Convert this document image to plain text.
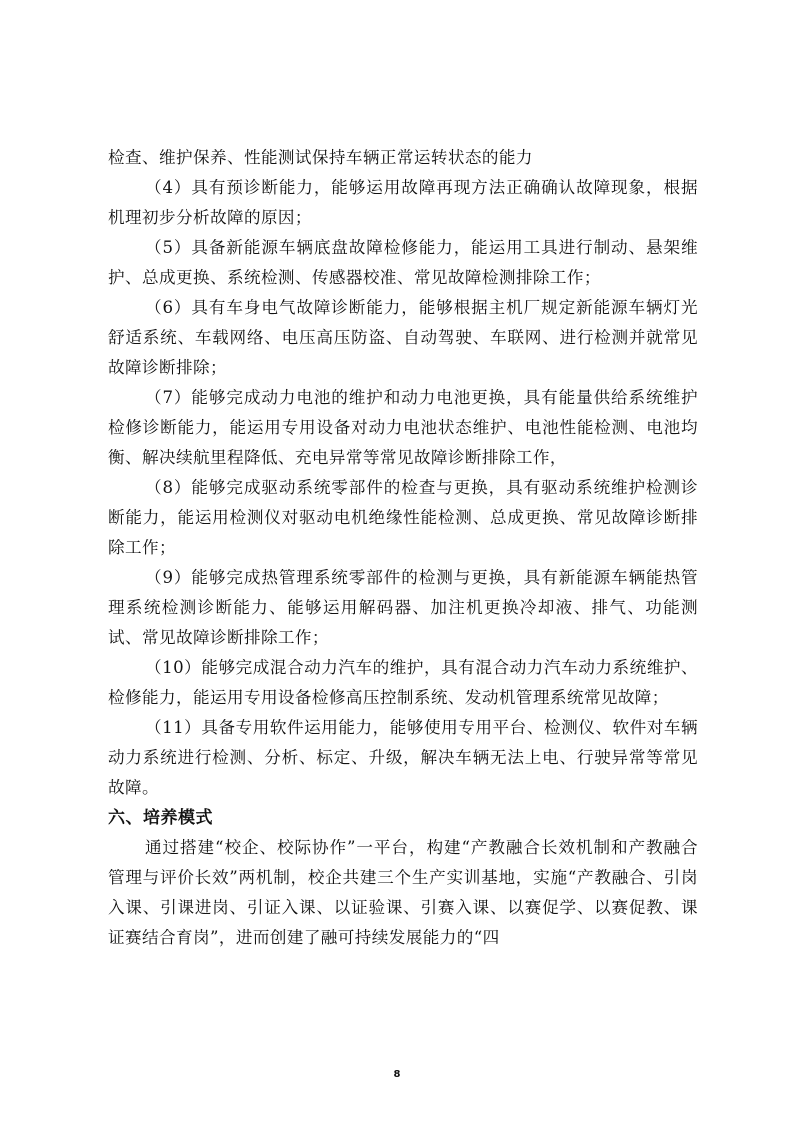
检查、维护保养、性能测试保持车辆正常运转状态的能力

（4）具有预诊断能力，能够运用故障再现方法正确确认故障现象，根据机理初步分析故障的原因；

（5）具备新能源车辆底盘故障检修能力，能运用工具进行制动、悬架维护、总成更换、系统检测、传感器校准、常见故障检测排除工作；

（6）具有车身电气故障诊断能力，能够根据主机厂规定新能源车辆灯光舒适系统、车载网络、电压高压防盗、自动驾驶、车联网、进行检测并就常见故障诊断排除；

（7）能够完成动力电池的维护和动力电池更换，具有能量供给系统维护检修诊断能力，能运用专用设备对动力电池状态维护、电池性能检测、电池均衡、解决续航里程降低、充电异常等常见故障诊断排除工作，

（8）能够完成驱动系统零部件的检查与更换，具有驱动系统维护检测诊断能力，能运用检测仪对驱动电机绝缘性能检测、总成更换、常见故障诊断排除工作；

（9）能够完成热管理系统零部件的检测与更换，具有新能源车辆能热管理系统检测诊断能力、能够运用解码器、加注机更换冷却液、排气、功能测试、常见故障诊断排除工作；

（10）能够完成混合动力汽车的维护，具有混合动力汽车动力系统维护、检修能力，能运用专用设备检修高压控制系统、发动机管理系统常见故障；

（11）具备专用软件运用能力，能够使用专用平台、检测仪、软件对车辆动力系统进行检测、分析、标定、升级，解决车辆无法上电、行驶异常等常见故障。

六、培养模式

通过搭建“校企、校际协作”一平台，构建“产教融合长效机制和产教融合管理与评价长效”两机制，校企共建三个生产实训基地，实施“产教融合、引岗入课、引课进岗、引证入课、以证验课、引赛入课、以赛促学、以赛促教、课证赛结合育岗”，进而创建了融可持续发展能力的“四

8
